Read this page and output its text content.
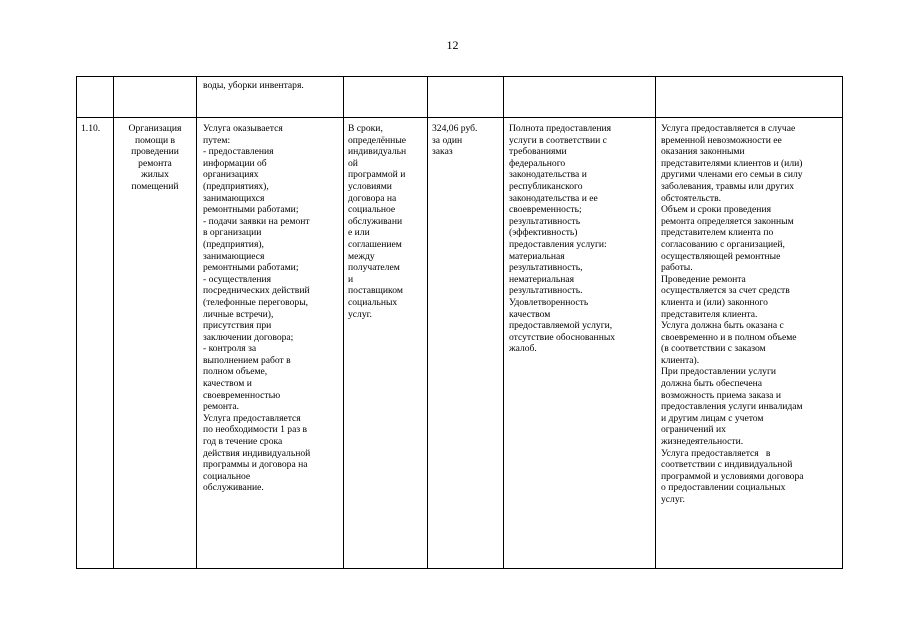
12
воды, уборки инвентаря.
1.10.	Организация
помощи в
проведении
ремонта
жилых
помещений
Услуга оказывается
путем:
- предоставления
информации об
организациях
(предприятиях),
занимающихся
ремонтными работами;
- подачи заявки на ремонт
в организации
(предприятия),
занимающиеся
ремонтными работами;
- осуществления
посреднических действий
(телефонные переговоры,
личные встречи),
присутствия при
заключении договора;
- контроля за
выполнением работ в
полном объеме,
качеством и
своевременностью
ремонта.
Услуга предоставляется
по необходимости 1 раз в
год в течение срока
действия индивидуальной
программы и договора на
социальное
обслуживание.
В сроки,
определённые
индивидуальн
ой
программой и
условиями
договора на
социальное
обслуживани
е или
соглашением
между
получателем
и
поставщиком
социальных
услуг.
324,06 руб.
за один
заказ
Полнота предоставления
услуги в соответствии с
требованиями
федерального
законодательства и
республиканского
законодательства и ее
своевременность;
результативность
(эффективность)
предоставления услуги:
материальная
результативность,
нематериальная
результативность.
Удовлетворенность
качеством
предоставляемой услуги,
отсутствие обоснованных
жалоб.
Услуга предоставляется в случае
временной невозможности ее
оказания законными
представителями клиентов и (или)
другими членами его семьи в силу
заболевания, травмы или других
обстоятельств.
Объем и сроки проведения
ремонта определяется законным
представителем клиента по
согласованию с организацией,
осуществляющей ремонтные
работы.
Проведение ремонта
осуществляется за счет средств
клиента и (или) законного
представителя клиента.
Услуга должна быть оказана с
своевременно и в полном объеме
(в соответствии с заказом
клиента).
При предоставлении услуги
должна быть обеспечена
возможность приема заказа и
предоставления услуги инвалидам
и другим лицам с учетом
ограничений их
жизнедеятельности.
Услуга предоставляется   в
соответствии с индивидуальной
программой и условиями договора
о предоставлении социальных
услуг.
